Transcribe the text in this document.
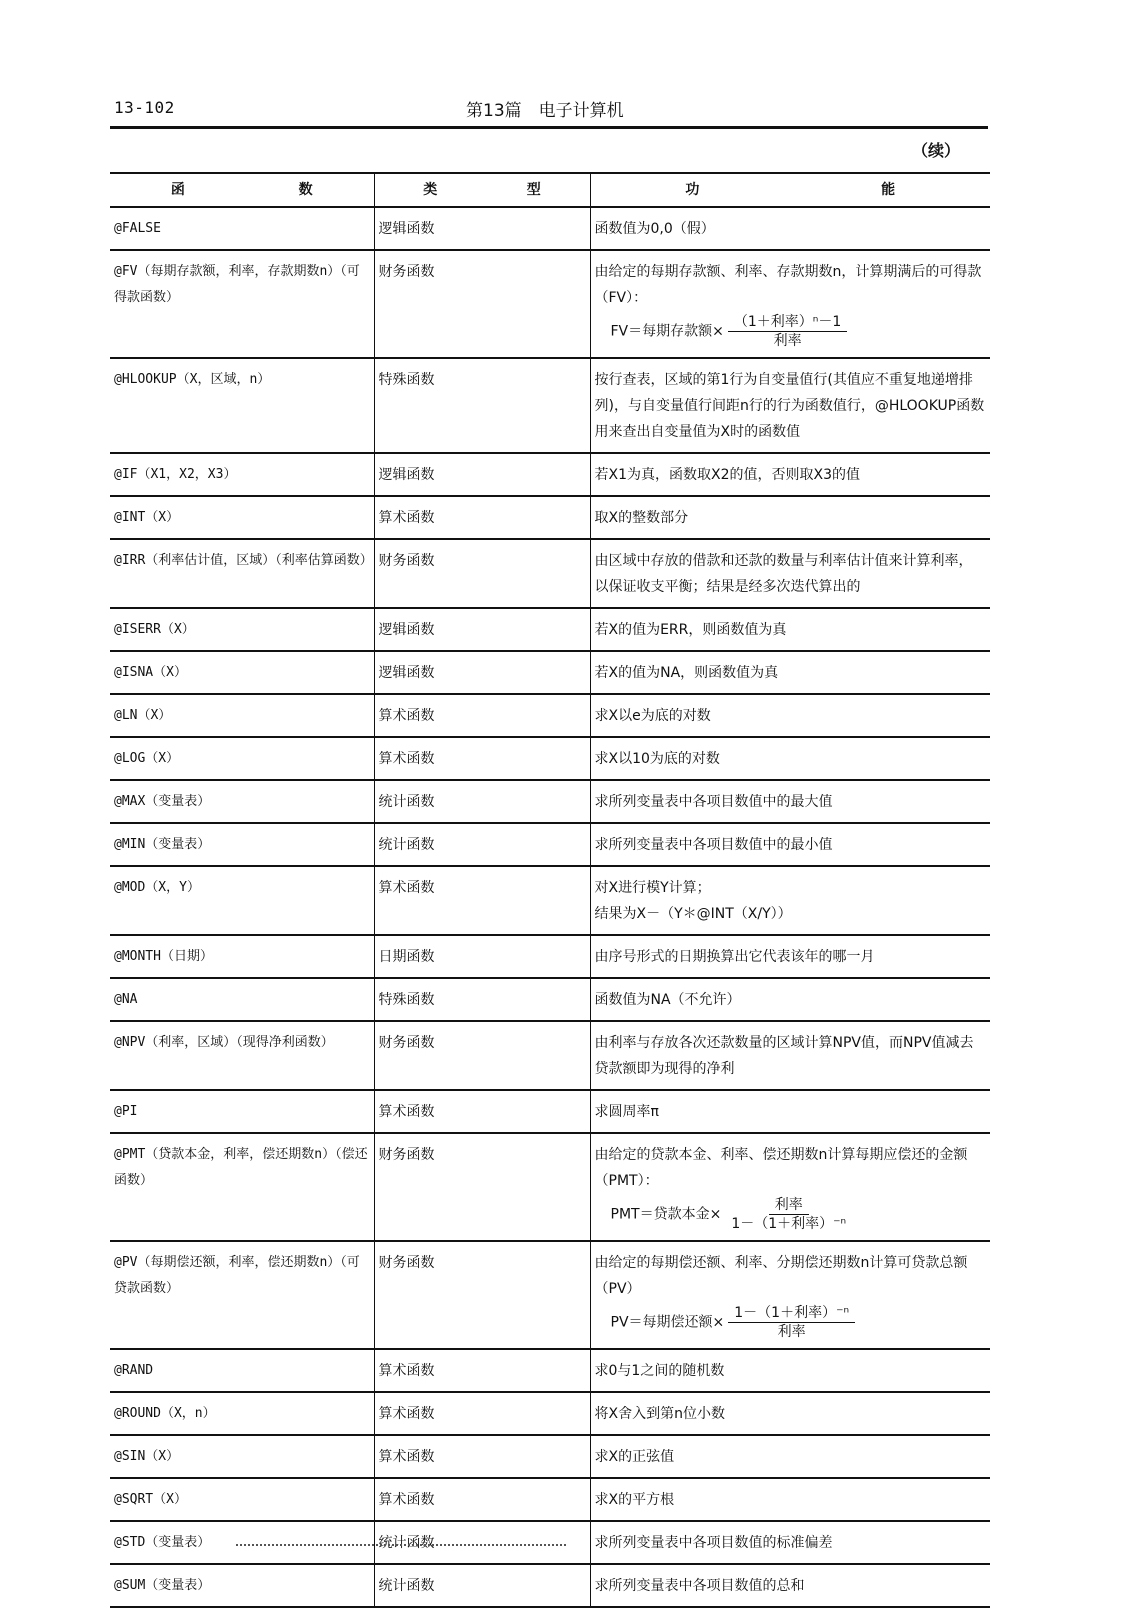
13-102	第13篇　电子计算机
（续）
函 数	类 型	功 能

@FALSE	逻辑函数	函数值为0,0（假）

@FV（每期存款额，利率，存款期数n）（可得款函数）	财务函数	由给定的每期存款额、利率、存款期数n，计算期满后的可得款（FV）：
FV＝每期存款额× $\frac{\text{（1＋利率）ⁿ－1}}{\text{利率}}$

@HLOOKUP（X，区域，n）	特殊函数	按行查表，区域的第1行为自变量值行(其值应不重复地递增排列)，与自变量值行间距n行的行为函数值行，@HLOOKUP函数用来查出自变量值为X时的函数值

@IF（X1，X2，X3）	逻辑函数	若X1为真，函数取X2的值，否则取X3的值

@INT（X）	算术函数	取X的整数部分

@IRR（利率估计值，区域）（利率估算函数）	财务函数	由区域中存放的借款和还款的数量与利率估计值来计算利率，以保证收支平衡；结果是经多次迭代算出的

@ISERR（X）	逻辑函数	若X的值为ERR，则函数值为真

@ISNA（X）	逻辑函数	若X的值为NA，则函数值为真

@LN（X）	算术函数	求X以e为底的对数

@LOG（X）	算术函数	求X以10为底的对数

@MAX（变量表）	统计函数	求所列变量表中各项目数值中的最大值

@MIN（变量表）	统计函数	求所列变量表中各项目数值中的最小值

@MOD（X，Y）	算术函数	对X进行模Y计算；
结果为X－（Y＊@INT（X/Y））

@MONTH（日期）	日期函数	由序号形式的日期换算出它代表该年的哪一月

@NA	特殊函数	函数值为NA（不允许）

@NPV（利率，区域）（现得净利函数）	财务函数	由利率与存放各次还款数量的区域计算NPV值，而NPV值减去贷款额即为现得的净利

@PI	算术函数	求圆周率π

@PMT（贷款本金，利率，偿还期数n）（偿还函数）	财务函数	由给定的贷款本金、利率、偿还期数n计算每期应偿还的金额（PMT）：
PMT＝贷款本金× $\frac{\text{利率}}{\text{1－（1＋利率）⁻ⁿ}}$

@PV（每期偿还额，利率，偿还期数n）（可贷款函数）	财务函数	由给定的每期偿还额、利率、分期偿还期数n计算可贷款总额（PV）
PV＝每期偿还额× $\frac{\text{1－（1＋利率）⁻ⁿ}}{\text{利率}}$

@RAND	算术函数	求0与1之间的随机数

@ROUND（X，n）	算术函数	将X舍入到第n位小数

@SIN（X）	算术函数	求X的正弦值

@SQRT（X）	算术函数	求X的平方根

@STD（变量表）	统计函数	求所列变量表中各项目数值的标准偏差

@SUM（变量表）	统计函数	求所列变量表中各项目数值的总和
